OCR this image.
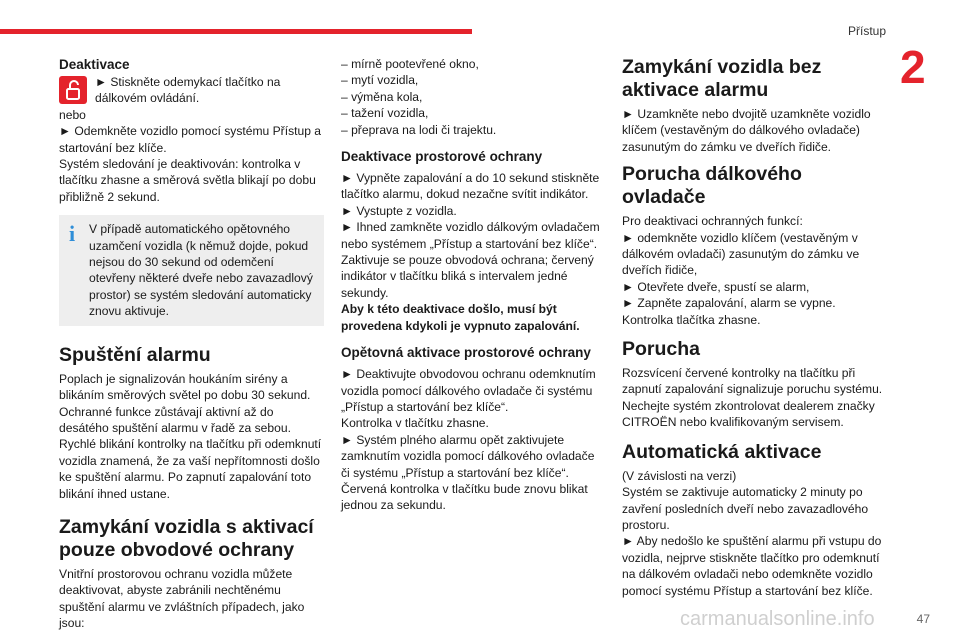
Přístup
2
Deaktivace

► Stiskněte odemykací tlačítko na dálkovém ovládání.

nebo

► Odemkněte vozidlo pomocí systému Přístup a startování bez klíče.

Systém sledování je deaktivován: kontrolka v tlačítku zhasne a směrová světla blikají po dobu přibližně 2 sekund.

i V případě automatického opětovného uzamčení vozidla (k němuž dojde, pokud nejsou do 30 sekund od odemčení otevřeny některé dveře nebo zavazadlový prostor) se systém sledování automaticky znovu aktivuje.

Spuštění alarmu

Poplach je signalizován houkáním sirény a blikáním směrových světel po dobu 30 sekund. Ochranné funkce zůstávají aktivní až do desátého spuštění alarmu v řadě za sebou. Rychlé blikání kontrolky na tlačítku při odemknutí vozidla znamená, že za vaší nepřítomnosti došlo ke spuštění alarmu. Po zapnutí zapalování toto blikání ihned ustane.

Zamykání vozidla s aktivací pouze obvodové ochrany

Vnitřní prostorovou ochranu vozidla můžete deaktivovat, abyste zabránili nechtěnému spuštění alarmu ve zvláštních případech, jako jsou:

– mírně pootevřené okno,

– mytí vozidla,

– výměna kola,

– tažení vozidla,

– přeprava na lodi či trajektu.

Deaktivace prostorové ochrany

► Vypněte zapalování a do 10 sekund stiskněte tlačítko alarmu, dokud nezačne svítit indikátor.

► Vystupte z vozidla.

► Ihned zamkněte vozidlo dálkovým ovladačem nebo systémem „Přístup a startování bez klíče“. Zaktivuje se pouze obvodová ochrana; červený indikátor v tlačítku bliká s intervalem jedné sekundy.

Aby k této deaktivace došlo, musí být provedena kdykoli je vypnuto zapalování.

Opětovná aktivace prostorové ochrany

► Deaktivujte obvodovou ochranu odemknutím vozidla pomocí dálkového ovladače či systému „Přístup a startování bez klíče“.

Kontrolka v tlačítku zhasne.

► Systém plného alarmu opět zaktivujete zamknutím vozidla pomocí dálkového ovladače či systému „Přístup a startování bez klíče“.

Červená kontrolka v tlačítku bude znovu blikat jednou za sekundu.

Zamykání vozidla bez aktivace alarmu

► Uzamkněte nebo dvojitě uzamkněte vozidlo klíčem (vestavěným do dálkového ovladače) zasunutým do zámku ve dveřích řidiče.

Porucha dálkového ovladače

Pro deaktivaci ochranných funkcí:

► odemkněte vozidlo klíčem (vestavěným v dálkovém ovladači) zasunutým do zámku ve dveřích řidiče,

► Otevřete dveře, spustí se alarm,

► Zapněte zapalování, alarm se vypne.

Kontrolka tlačítka zhasne.

Porucha

Rozsvícení červené kontrolky na tlačítku při zapnutí zapalování signalizuje poruchu systému. Nechejte systém zkontrolovat dealerem značky CITROËN nebo kvalifikovaným servisem.

Automatická aktivace

(V závislosti na verzi)

Systém se zaktivuje automaticky 2 minuty po zavření posledních dveří nebo zavazadlového prostoru.

► Aby nedošlo ke spuštění alarmu při vstupu do vozidla, nejprve stiskněte tlačítko pro odemknutí na dálkovém ovladači nebo odemkněte vozidlo pomocí systému Přístup a startování bez klíče.

carmanualsonline.info	47
